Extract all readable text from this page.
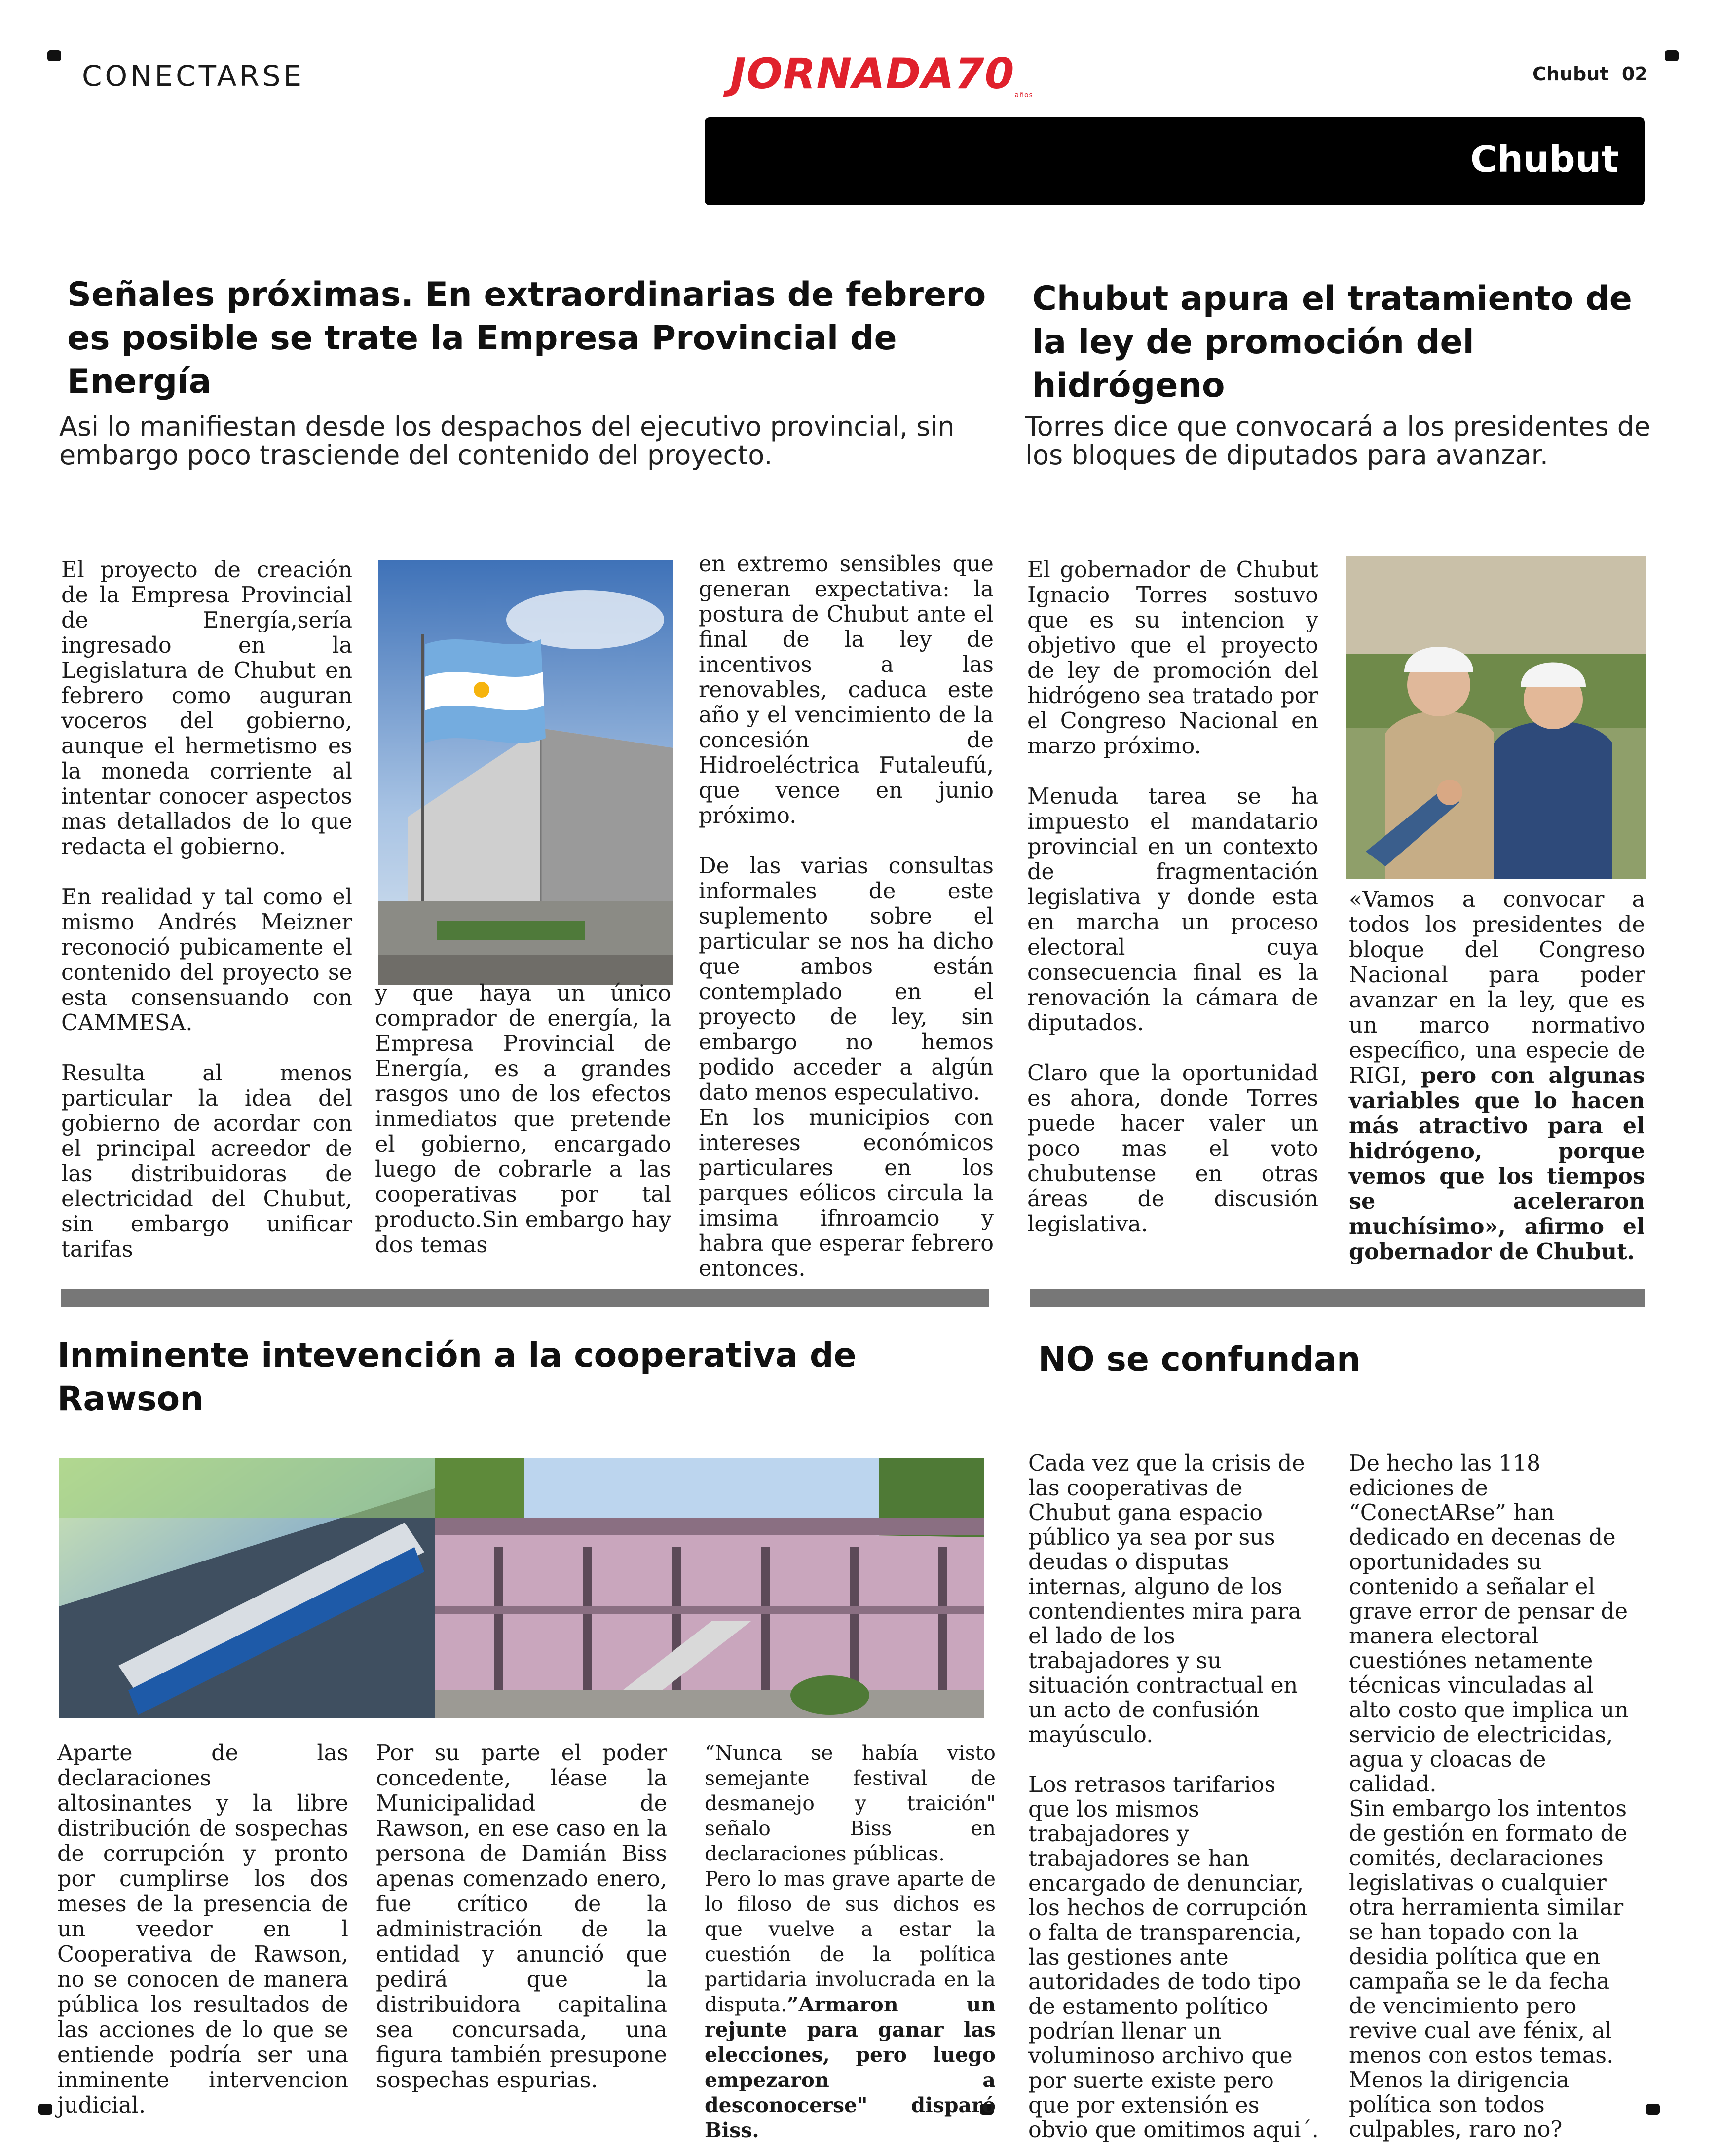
CONECTARSE	$JORNADA70_{años}$
Chubut  02
Chubut
Señales próximas. En extraordinarias de febrero es posible se trate la Empresa Provincial de Energía
Asi lo manifiestan desde los despachos del ejecutivo provincial, sin embargo poco trasciende del contenido del proyecto.

El proyecto de creación de la Empresa Provincial de Energía,sería ingresado en la Legislatura de Chubut en febrero como auguran voceros del gobierno, aunque el hermetismo es la moneda corriente al intentar conocer aspectos mas detallados de lo que redacta el gobierno.

En realidad y tal como el mismo Andrés Meizner reconoció pubicamente el contenido del proyecto se esta consensuando con CAMMESA.

Resulta al menos particular la idea del gobierno de acordar con el principal acreedor de las distribuidoras de electricidad del Chubut, sin embargo unificar tarifas

y que haya un único comprador de energía, la Empresa Provincial de Energía, es a grandes rasgos uno de los efectos inmediatos que pretende el gobierno, encargado luego de cobrarle a las cooperativas por tal producto.Sin embargo hay dos temas

en extremo sensibles que generan expectativa: la postura de Chubut ante el final de la ley de incentivos a las renovables, caduca este año y el vencimiento de la concesión de Hidroeléctrica Futaleufú, que vence en junio próximo.

De las varias consultas informales de este suplemento sobre el particular se nos ha dicho que ambos están contemplado en el proyecto de ley, sin embargo no hemos podido acceder a algún dato menos especulativo.

En los municipios con intereses económicos particulares en los parques eólicos circula la imsima ifnroamcio y habra que esperar febrero entonces.

Chubut apura el tratamiento de la ley de promoción del hidrógeno
Torres dice que convocará a los presidentes de los bloques de diputados para avanzar.

El gobernador de Chubut Ignacio Torres sostuvo que es su intencion y objetivo que el proyecto de ley de promoción del hidrógeno sea tratado por el Congreso Nacional en marzo próximo.

Menuda tarea se ha impuesto el mandatario provincial en un contexto de fragmentación legislativa y donde esta en marcha un proceso electoral cuya consecuencia final es la renovación la cámara de diputados.

Claro que la oportunidad es ahora, donde Torres puede hacer valer un poco mas el voto chubutense en otras áreas de discusión legislativa.

«Vamos a convocar a todos los presidentes de bloque del Congreso Nacional para poder avanzar en la ley, que es un marco normativo específico, una especie de RIGI, pero con algunas variables que lo hacen más atractivo para el hidrógeno, porque vemos que los tiempos se aceleraron muchísimo», afirmo el gobernador de Chubut.

Inminente intevención a la cooperativa de Rawson

Aparte de las declaraciones altosinantes y la libre distribución de sospechas de corrupción y pronto por cumplirse los dos meses de la presencia de un veedor en l Cooperativa de Rawson, no se conocen de manera pública los resultados de las acciones de lo que se entiende podría ser una inminente intervencion judicial.

Por su parte el poder concedente, léase la Municipalidad de Rawson, en ese caso en la persona de Damián Biss apenas comenzado enero, fue crítico de la administración de la entidad y anunció que pedirá que la distribuidora capitalina sea concursada, una figura también presupone sospechas espurias.

“Nunca se había visto semejante festival de desmanejo y traición" señalo Biss en declaraciones públicas.

Pero lo mas grave aparte de lo filoso de sus dichos es que vuelve a estar la cuestión de la política partidaria involucrada en la disputa.”Armaron un rejunte para ganar las elecciones, pero luego empezaron a desconocerse" disparó Biss.

NO se confundan

Cada vez que la crisis de las cooperativas de Chubut gana espacio público ya sea por sus deudas o disputas internas, alguno de los contendientes mira para el lado de los trabajadores y su situación contractual en un acto de confusión mayúsculo.

Los retrasos tarifarios que los mismos trabajadores y trabajadores se han encargado de denunciar, los hechos de corrupción o falta de transparencia, las gestiones ante autoridades de todo tipo de estamento político podrían llenar un voluminoso archivo que por suerte existe pero que por extensión es obvio que omitimos aqui´.

De hecho las 118 ediciones de “ConectARse” han dedicado en decenas de oportunidades su contenido a señalar el grave error de pensar de manera electoral cuestiónes netamente técnicas vinculadas al alto costo que implica un servicio de electricidas, agua y cloacas de calidad.

Sin embargo los intentos de gestión en formato de comités, declaraciones legislativas o cualquier otra herramienta similar se han topado con la desidia política que en campaña se le da fecha de vencimiento pero revive cual ave fénix, al menos con estos temas. Menos la dirigencia política son todos culpables, raro no?
